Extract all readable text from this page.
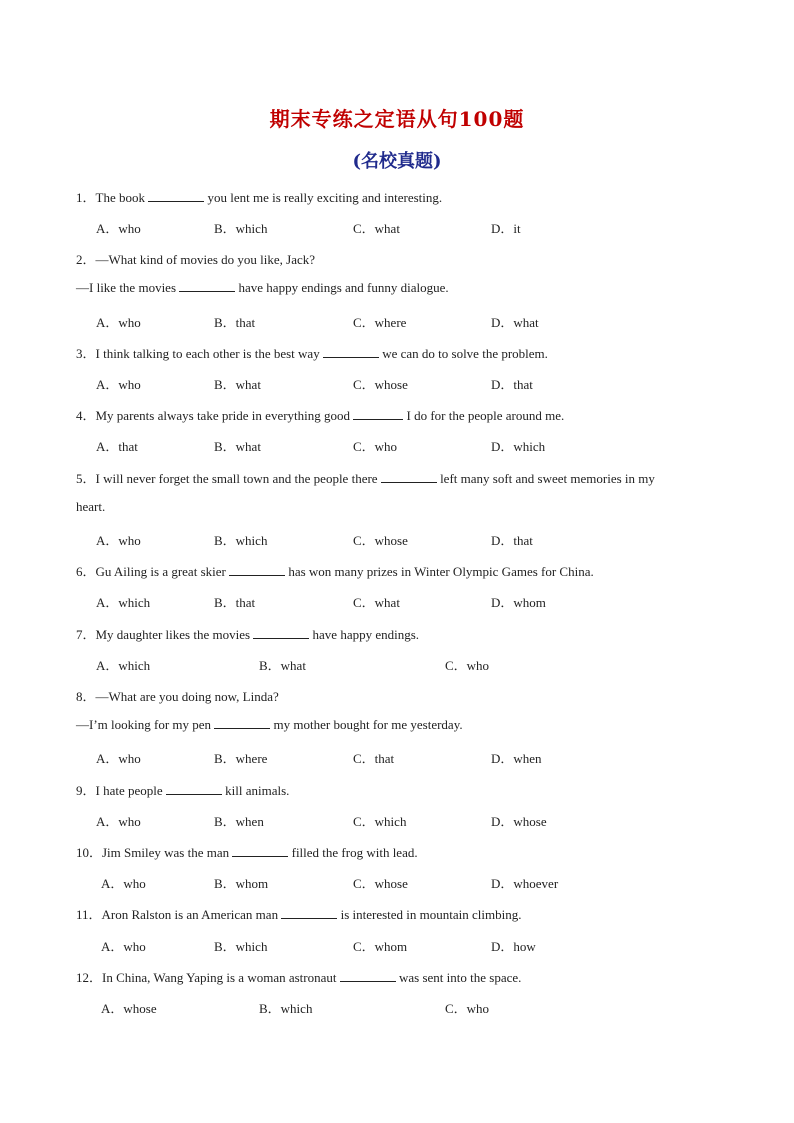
期末专练之定语从句100题
(名校真题)
1．The book	you lent me is really exciting and interesting.
A．who	B．which	C．what	D．it
2．—What kind of movies do you like, Jack?
—I like the movies	have happy endings and funny dialogue.
A．who	B．that	C．where	D．what
3．I think talking to each other is the best way	we can do to solve the problem.
A．who	B．what	C．whose	D．that
4．My parents always take pride in everything good	I do for the people around me.
A．that	B．what	C．who	D．which
5．I will never forget the small town and the people there	left many soft and sweet memories in my
heart.
A．who	B．which	C．whose	D．that
6．Gu Ailing is a great skier	has won many prizes in Winter Olympic Games for China.
A．which	B．that	C．what	D．whom
7．My daughter likes the movies	have happy endings.
A．which	B．what	C．who
8．—What are you doing now, Linda?
—I’m looking for my pen	my mother bought for me yesterday.
A．who	B．where	C．that	D．when
9．I hate people	kill animals.
A．who	B．when	C．which	D．whose
10．Jim Smiley was the man	filled the frog with lead.
A．who	B．whom	C．whose	D．whoever
11．Aron Ralston is an American man	is interested in mountain climbing.
A．who	B．which	C．whom	D．how
12．In China, Wang Yaping is a woman astronaut	was sent into the space.
A．whose	B．which	C．who
